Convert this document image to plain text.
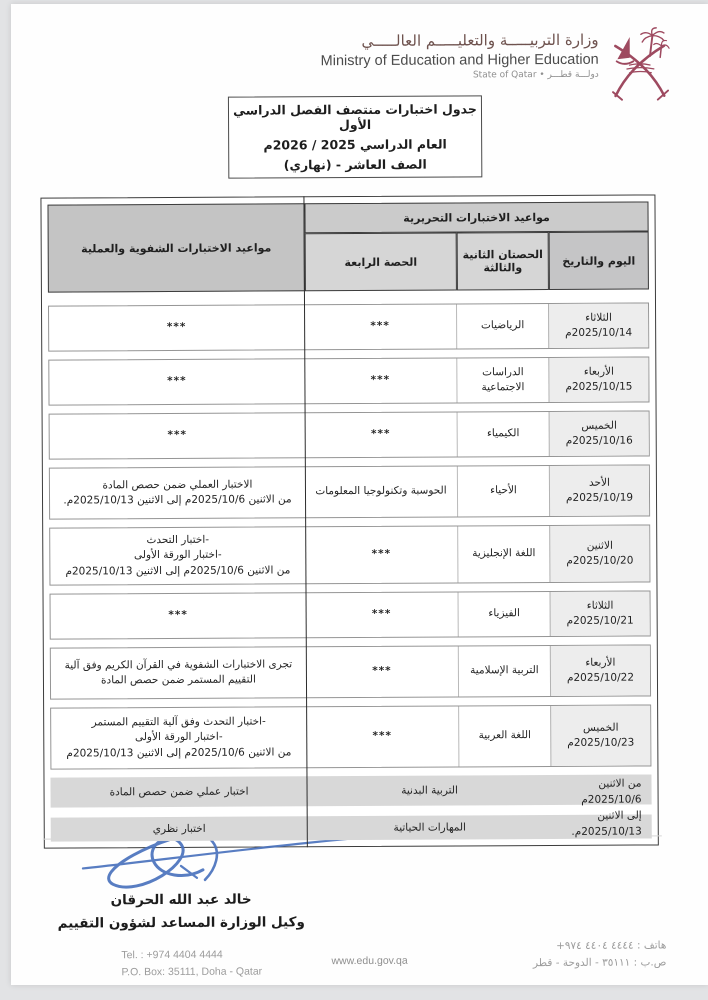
وزارة التربيـــــة والتعليـــــم العالـــــي
Ministry of Education and Higher Education
دولـــة قطـــر • State of Qatar
جدول اختبارات منتصف الفصل الدراسي الأول
العام الدراسي 2025 / 2026م
الصف العاشر - (نهاري)
مواعيد الاختبارات التحريرية
مواعيد الاختبارات الشفوية والعملية
اليوم والتاريخ
الحصتان الثانية والثالثة
الحصة الرابعة
الثلاثاء
2025/10/14م
الرياضيات
***
***
الأربعاء
2025/10/15م
الدراسات الاجتماعية
***
***
الخميس
2025/10/16م
الكيمياء
***
***
الأحد
2025/10/19م
الأحياء
الحوسبة وتكنولوجيا المعلومات
الاختبار العملي ضمن حصص المادة
من الاثنين 2025/10/6م إلى الاثنين 2025/10/13م.
الاثنين
2025/10/20م
اللغة الإنجليزية
***
-اختبار التحدث
-اختبار الورقة الأولى
من الاثنين 2025/10/6م إلى الاثنين 2025/10/13م
الثلاثاء
2025/10/21م
الفيزياء
***
***
الأربعاء
2025/10/22م
التربية الإسلامية
***
تجرى الاختبارات الشفوية في القرآن الكريم وفق آلية التقييم المستمر ضمن حصص المادة
الخميس
2025/10/23م
اللغة العربية
***
-اختبار التحدث وفق آلية التقييم المستمر
-اختبار الورقة الأولى
من الاثنين 2025/10/6م إلى الاثنين 2025/10/13م
من الاثنين
2025/10/6م
إلى الاثنين
2025/10/13م.
التربية البدنية
اختبار عملي ضمن حصص المادة
المهارات الحياتية
اختبار نظري
خالد عبد الله الحرقان
وكيل الوزارة المساعد لشؤون التقييم
Tel. : +974 4404 4444
P.O. Box: 35111, Doha - Qatar
www.edu.gov.qa
هاتف : ٤٤٤٤ ٤٤٠٤ ٩٧٤+
ص.ب : ٣٥١١١ - الدوحة - قطر
